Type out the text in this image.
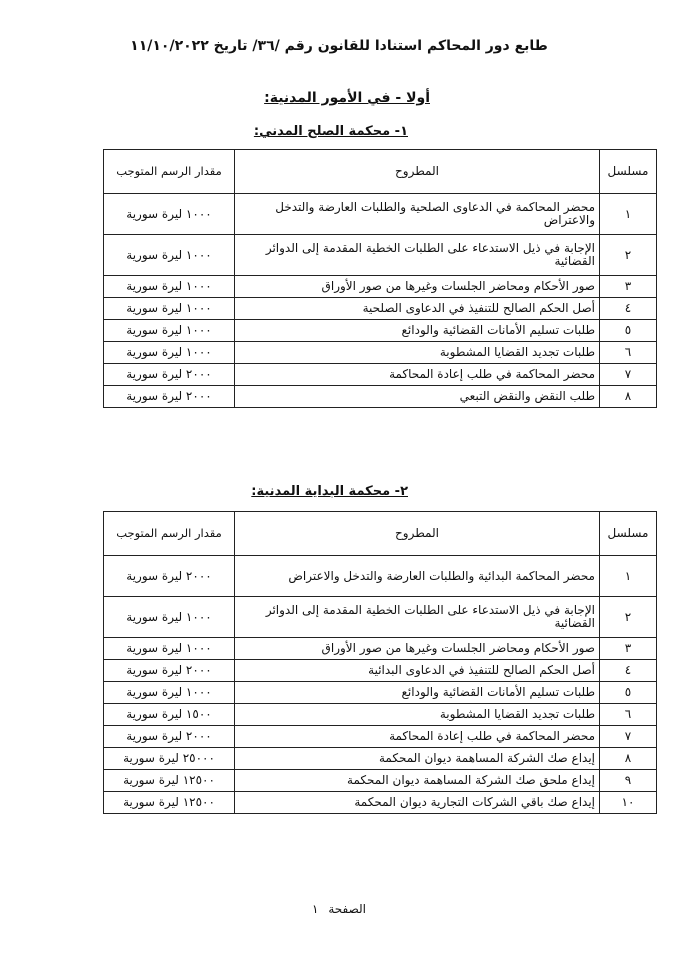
طابع دور المحاكم استنادا للقانون رقم /٣٦/ تاريخ ١١/١٠/٢٠٢٢
أولا - في الأمور المدنية:
١- محكمة الصلح المدني:
مسلسل	المطروح	مقدار الرسم المتوجب
١	محضر المحاكمة في الدعاوى الصلحية والطلبات العارضة والتدخل والاعتراض	١٠٠٠ ليرة سورية
٢	الإجابة في ذيل الاستدعاء على الطلبات الخطية المقدمة إلى الدوائر القضائية	١٠٠٠ ليرة سورية
٣	صور الأحكام ومحاضر الجلسات وغيرها من صور الأوراق	١٠٠٠ ليرة سورية
٤	أصل الحكم الصالح للتنفيذ في الدعاوى الصلحية	١٠٠٠ ليرة سورية
٥	طلبات تسليم الأمانات القضائية والودائع	١٠٠٠ ليرة سورية
٦	طلبات تجديد القضايا المشطوبة	١٠٠٠ ليرة سورية
٧	محضر المحاكمة في طلب إعادة المحاكمة	٢٠٠٠ ليرة سورية
٨	طلب النقض والنقض التبعي	٢٠٠٠ ليرة سورية
٢- محكمة البداية المدنية:
مسلسل	المطروح	مقدار الرسم المتوجب
١	محضر المحاكمة البدائية والطلبات العارضة والتدخل والاعتراض	٢٠٠٠ ليرة سورية
٢	الإجابة في ذيل الاستدعاء على الطلبات الخطية المقدمة إلى الدوائر القضائية	١٠٠٠ ليرة سورية
٣	صور الأحكام ومحاضر الجلسات وغيرها من صور الأوراق	١٠٠٠ ليرة سورية
٤	أصل الحكم الصالح للتنفيذ في الدعاوى البدائية	٢٠٠٠ ليرة سورية
٥	طلبات تسليم الأمانات القضائية والودائع	١٠٠٠ ليرة سورية
٦	طلبات تجديد القضايا المشطوبة	١٥٠٠ ليرة سورية
٧	محضر المحاكمة في طلب إعادة المحاكمة	٢٠٠٠ ليرة سورية
٨	إيداع صك الشركة المساهمة ديوان المحكمة	٢٥٠٠٠ ليرة سورية
٩	إيداع ملحق صك الشركة المساهمة ديوان المحكمة	١٢٥٠٠ ليرة سورية
١٠	إيداع صك باقي الشركات التجارية ديوان المحكمة	١٢٥٠٠ ليرة سورية

الصفحة ١
